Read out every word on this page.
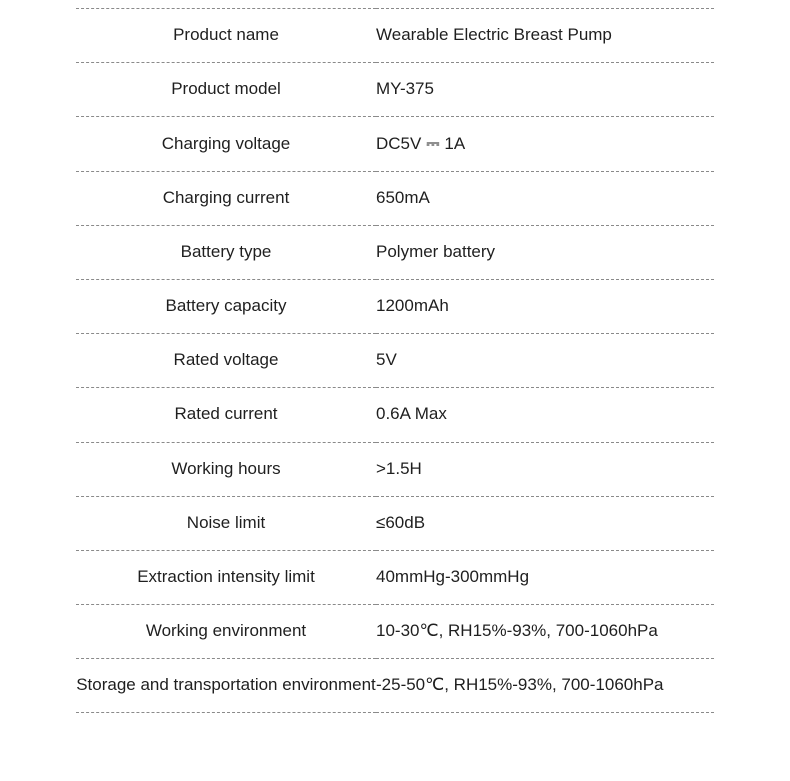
Product name	Wearable Electric Breast Pump
Product model	MY-375
Charging voltage	DC5V ⎓ 1A
Charging current	650mA
Battery type	Polymer battery
Battery capacity	1200mAh
Rated voltage	5V
Rated current	0.6A Max
Working hours	>1.5H
Noise limit	≤60dB
Extraction intensity limit	40mmHg-300mmHg
Working environment	10-30℃, RH15%-93%, 700-1060hPa
Storage and transportation environment	-25-50℃, RH15%-93%, 700-1060hPa
